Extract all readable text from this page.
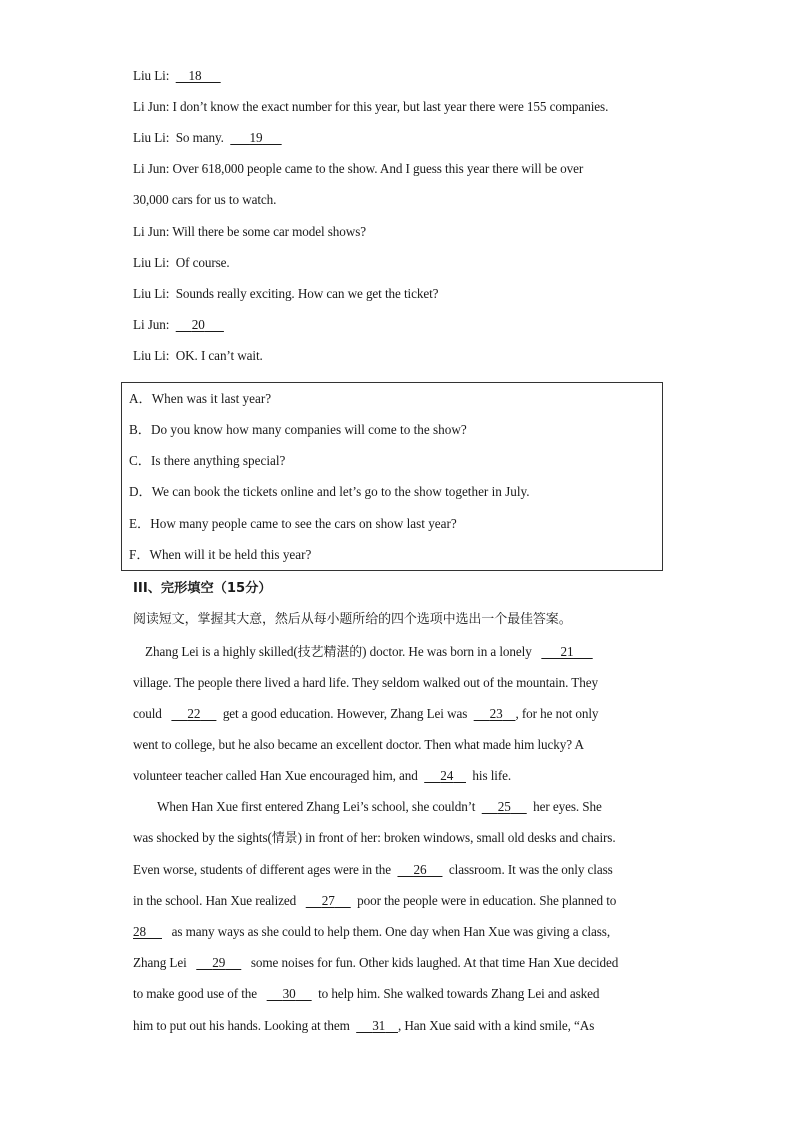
Liu Li: 18
Li Jun: I don’t know the exact number for this year, but last year there were 155 companies.
Liu Li: So many. 19
Li Jun: Over 618,000 people came to the show. And I guess this year there will be over
30,000 cars for us to watch.
Li Jun: Will there be some car model shows?
Liu Li: Of course.
Liu Li: Sounds really exciting. How can we get the ticket?
Li Jun: 20
Liu Li: OK. I can’t wait.
A．When was it last year?
B．Do you know how many companies will come to the show?
C．Is there anything special?
D．We can book the tickets online and let’s go to the show together in July.
E．How many people came to see the cars on show last year?
F．When will it be held this year?
III、完形填空（15分）
阅读短文，掌握其大意，然后从每小题所给的四个选项中选出一个最佳答案。
Zhang Lei is a highly skilled(技艺精湛的) doctor. He was born in a lonely 21
village. The people there lived a hard life. They seldom walked out of the mountain. They
could 22 get a good education. However, Zhang Lei was 23 , for he not only
went to college, but he also became an excellent doctor. Then what made him lucky? A
volunteer teacher called Han Xue encouraged him, and 24 his life.
When Han Xue first entered Zhang Lei’s school, she couldn’t 25 her eyes. She
was shocked by the sights(情景) in front of her: broken windows, small old desks and chairs.
Even worse, students of different ages were in the 26 classroom. It was the only class
in the school. Han Xue realized 27 poor the people were in education. She planned to
28 as many ways as she could to help them. One day when Han Xue was giving a class,
Zhang Lei 29 some noises for fun. Other kids laughed. At that time Han Xue decided
to make good use of the 30 to help him. She walked towards Zhang Lei and asked
him to put out his hands. Looking at them 31 , Han Xue said with a kind smile, “As
